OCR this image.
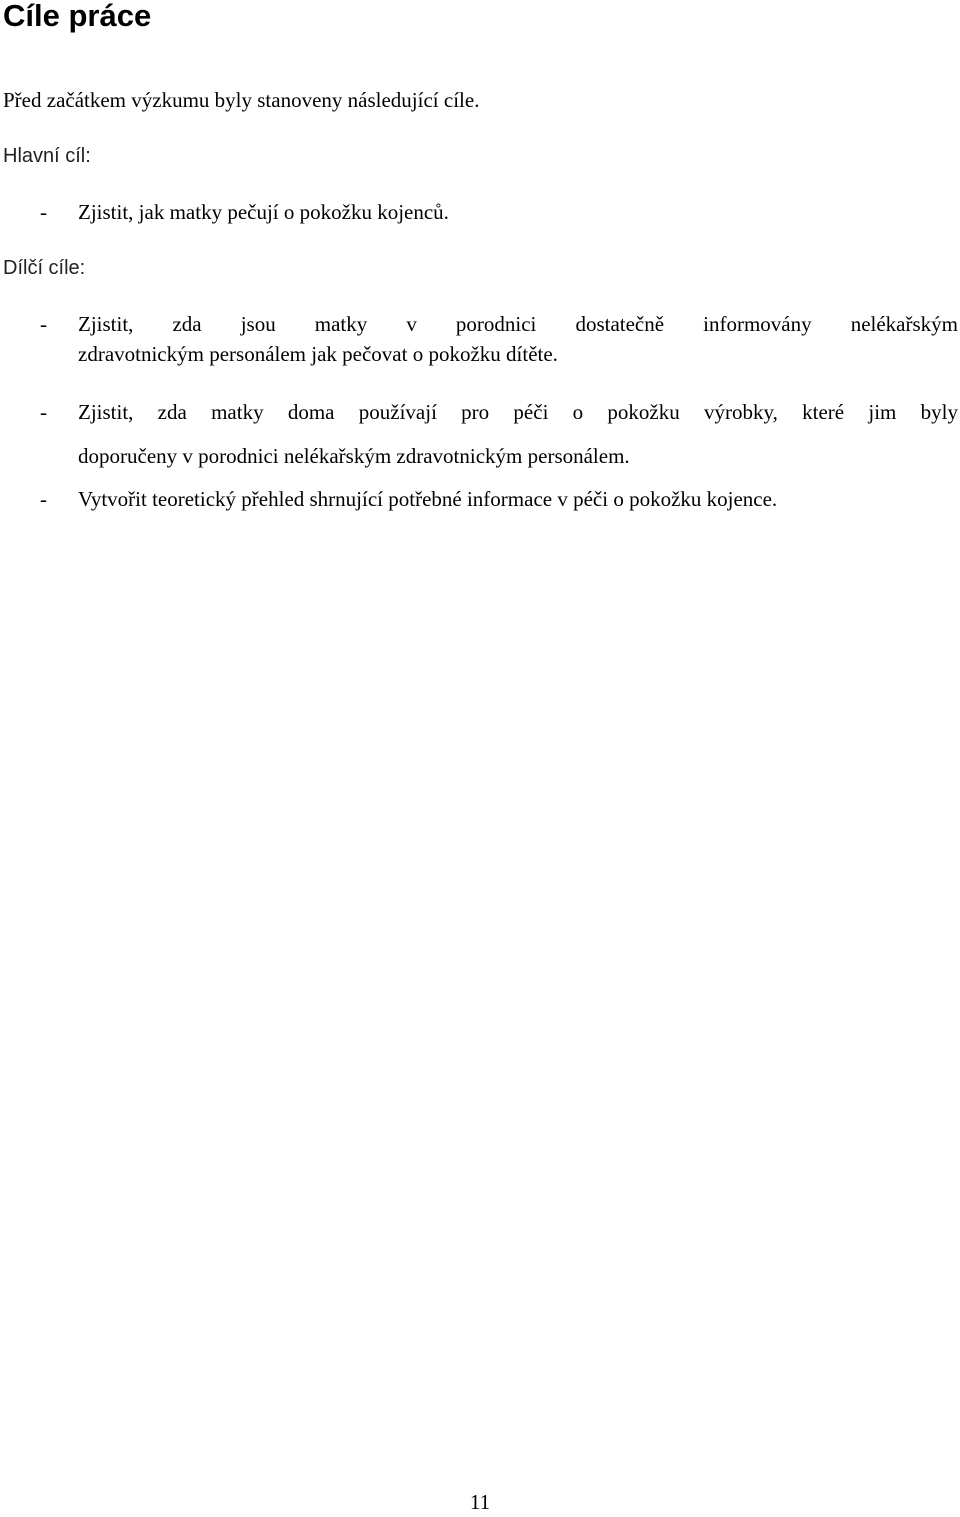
Cíle práce

Před začátkem výzkumu byly stanoveny následující cíle.

Hlavní cíl:

- Zjistit, jak matky pečují o pokožku kojenců.

Dílčí cíle:

- Zjistit, zda jsou matky v porodnici dostatečně informovány nelékařským
zdravotnickým personálem jak pečovat o pokožku dítěte.
- Zjistit, zda matky doma používají pro péči o pokožku výrobky, které jim byly
doporučeny v porodnici nelékařským zdravotnickým personálem.
- Vytvořit teoretický přehled shrnující potřebné informace v péči o pokožku kojence.
11
